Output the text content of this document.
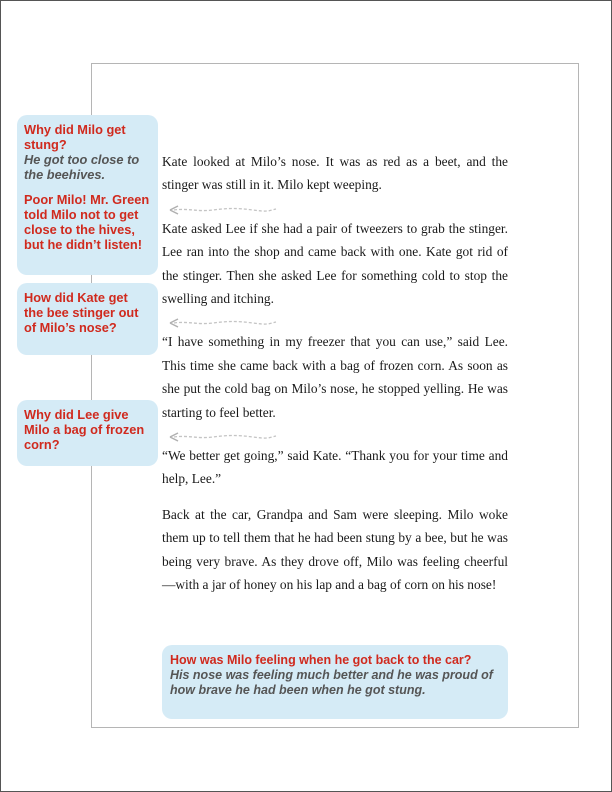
Kate looked at Milo’s nose. It was as red as a beet, and the stinger was still in it. Milo kept weeping.

Kate asked Lee if she had a pair of tweezers to grab the stinger. Lee ran into the shop and came back with one. Kate got rid of the stinger. Then she asked Lee for something cold to stop the swelling and itching.

“I have something in my freezer that you can use,” said Lee. This time she came back with a bag of frozen corn. As soon as she put the cold bag on Milo’s nose, he stopped yelling. He was starting to feel better.

“We better get going,” said Kate. “Thank you for your time and help, Lee.”

Back at the car, Grandpa and Sam were sleeping. Milo woke them up to tell them that he had been stung by a bee, but he was being very brave. As they drove off, Milo was feeling cheerful—with a jar of honey on his lap and a bag of corn on his nose!

Why did Milo get stung?
He got too close to the beehives.
Poor Milo! Mr. Green told Milo not to get close to the hives, but he didn’t listen!
How did Kate get the bee stinger out of Milo’s nose?
Why did Lee give Milo a bag of frozen corn?
How was Milo feeling when he got back to the car?
His nose was feeling much better and he was proud of how brave he had been when he got stung.
